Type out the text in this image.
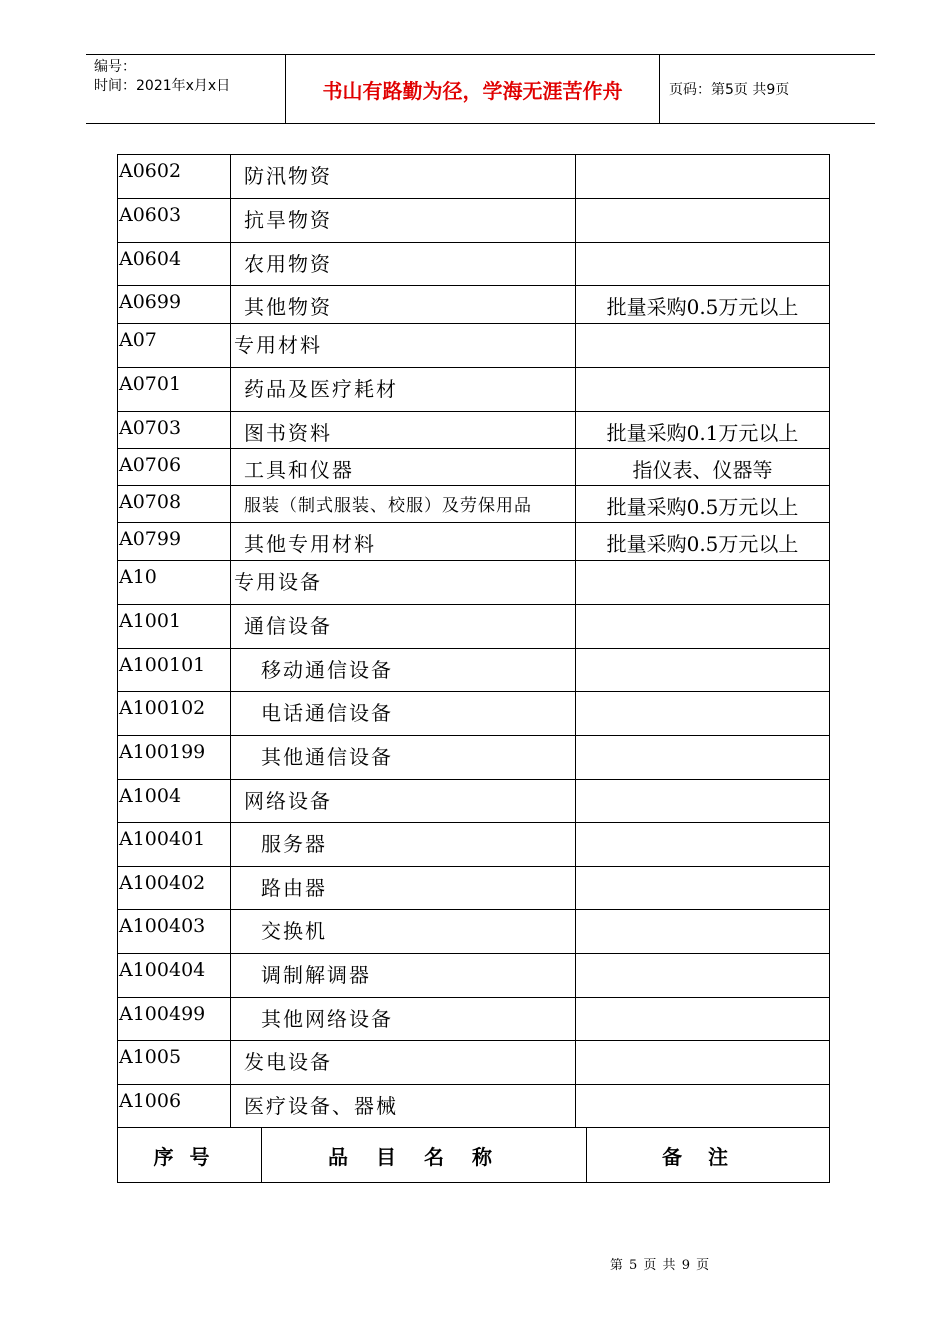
编号：
时间：2021年x月x日	书山有路勤为径，学海无涯苦作舟	页码：第5页 共9页
A0602	防汛物资
A0603	抗旱物资
A0604	农用物资
A0699	其他物资	批量采购0.5万元以上
A07	专用材料
A0701	药品及医疗耗材
A0703	图书资料	批量采购0.1万元以上
A0706	工具和仪器	指仪表、仪器等
A0708	服装（制式服装、校服）及劳保用品	批量采购0.5万元以上
A0799	其他专用材料	批量采购0.5万元以上
A10	专用设备
A1001	通信设备
A100101	移动通信设备
A100102	电话通信设备
A100199	其他通信设备
A1004	网络设备
A100401	服务器
A100402	路由器
A100403	交换机
A100404	调制解调器
A100499	其他网络设备
A1005	发电设备
A1006	医疗设备、器械
序号	品目名称	备注
第 5 页 共 9 页
